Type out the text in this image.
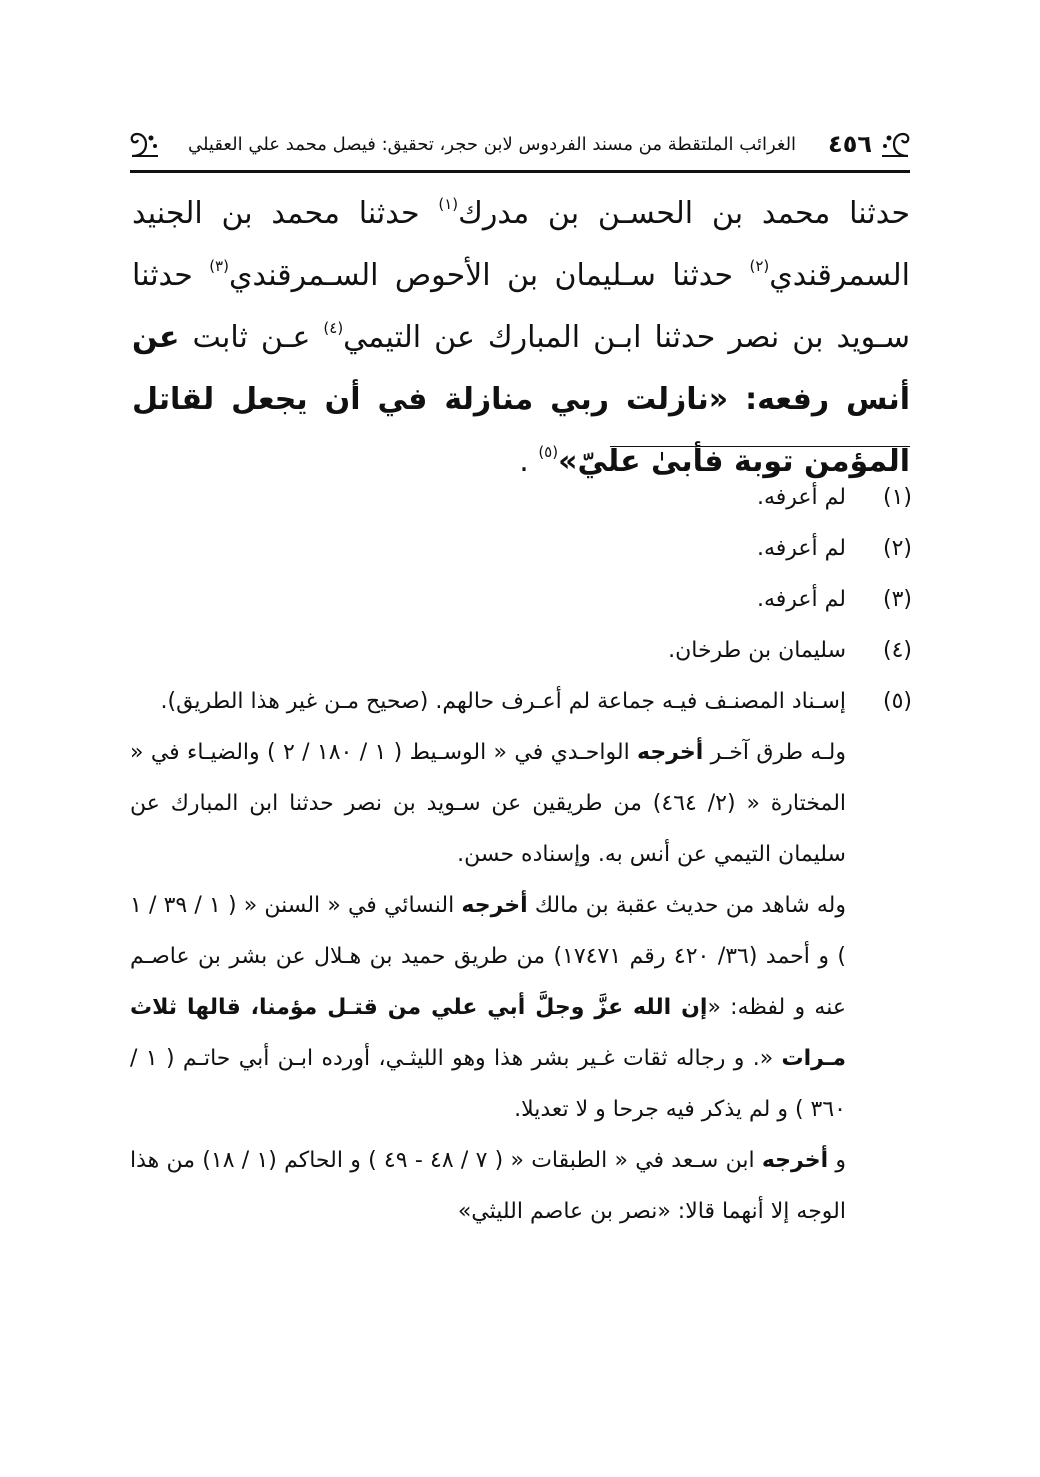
٤٥٦
الغرائب الملتقطة من مسند الفردوس لابن حجر، تحقيق: فيصل محمد علي العقيلي

حدثنا محمد بن الحسـن بن مدرك$^{(١)}$ حدثنا محمد بن الجنيد السمرقندي$^{(٢)}$ حدثنا سـليمان بن الأحوص السـمرقندي$^{(٣)}$ حدثنا سـويد بن نصر حدثنا ابـن المبارك عن التيمي$^{(٤)}$ عـن ثابت عن أنس رفعه: «نازلت ربي منازلة في أن يجعل لقاتل المؤمن توبة فأبىٰ عليّ»$^{(٥)}$ .

(١)
لم أعرفه.
(٢)
لم أعرفه.
(٣)
لم أعرفه.
(٤)
سليمان بن طرخان.
(٥)
إسـناد المصنـف فيـه جماعة لم أعـرف حالهم. (صحيح مـن غير هذا الطريق).
ولـه طرق آخـر أخرجه الواحـدي في « الوسـيط ( ١ / ١٨٠ / ٢ ) والضيـاء في « المختارة « (٢/ ٤٦٤) من طريقين عن سـويد بن نصر حدثنا ابن المبارك عن سليمان التيمي عن أنس به. وإسناده حسن.
وله شاهد من حديث عقبة بن مالك أخرجه النسائي في « السنن « ( ١ / ٣٩ / ١ ) و أحمد (٣٦/ ٤٢٠ رقم ١٧٤٧١) من طريق حميد بن هـلال عن بشر بن عاصـم عنه و لفظه: «إن الله عزَّ وجلَّ أبي علي من قتـل مؤمنا، قالها ثلاث مـرات «. و رجاله ثقات غـير بشر هذا وهو الليثـي، أورده ابـن أبي حاتـم ( ١ / ٣٦٠ ) و لم يذكر فيه جرحا و لا تعديلا.
و أخرجه ابن سـعد في « الطبقات « ( ٧ / ٤٨ - ٤٩ ) و الحاكم (١ / ١٨) من هذا الوجه إلا أنهما قالا: «نصر بن عاصم الليثي»
